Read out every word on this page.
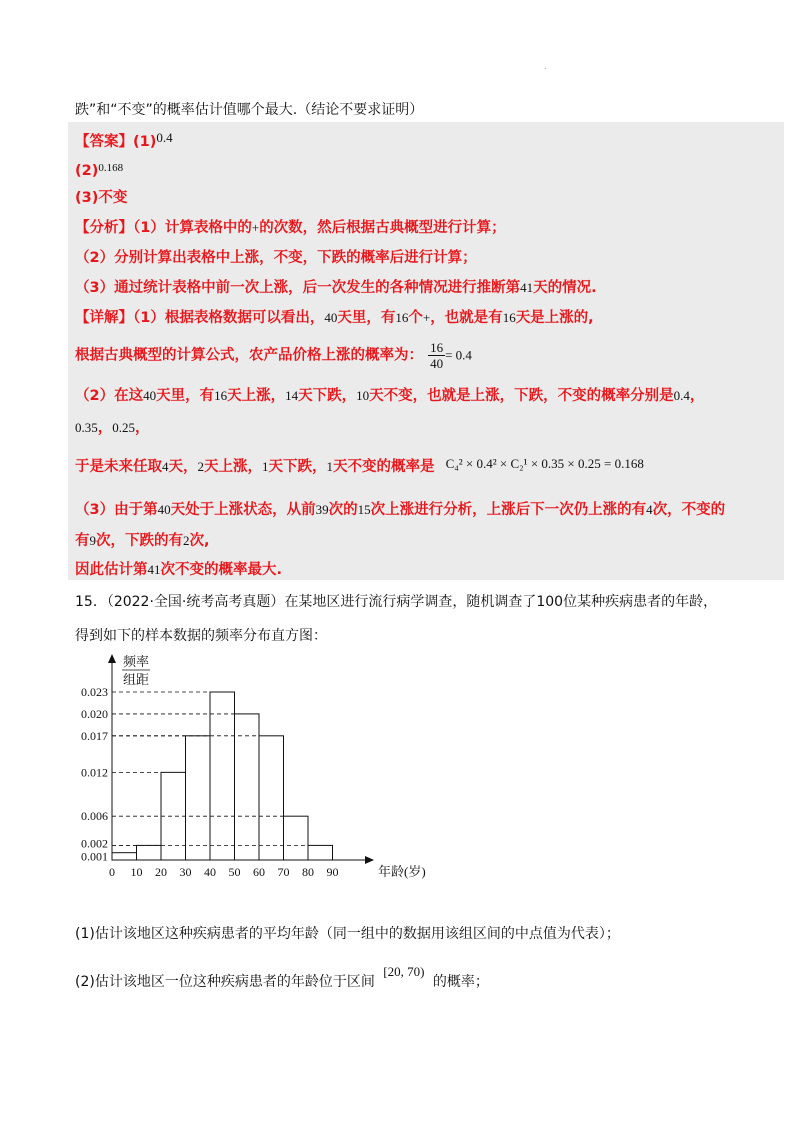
.
跌”和“不变”的概率估计值哪个最大.（结论不要求证明）
【答案】(1)0.4
$(2)^{0.168}$
(3)不变
【分析】（1）计算表格中的+的次数，然后根据古典概型进行计算；
（2）分别计算出表格中上涨，不变，下跌的概率后进行计算；
（3）通过统计表格中前一次上涨，后一次发生的各种情况进行推断第41天的情况.
【详解】（1）根据表格数据可以看出，40天里，有16个+，也就是有16天是上涨的,
根据古典概型的计算公式，农产品价格上涨的概率为： $\frac{16}{40} = 0.4$
（2）在这40天里，有16天上涨，14天下跌，10天不变，也就是上涨，下跌，不变的概率分别是0.4，
0.35，0.25，
于是未来任取4天，2天上涨，1天下跌，1天不变的概率是 C₄² × 0.4² × C₂¹ × 0.35 × 0.25 = 0.168
（3）由于第40天处于上涨状态，从前39次的15次上涨进行分析，上涨后下一次仍上涨的有4次，不变的
有9次，下跌的有2次,
因此估计第41次不变的概率最大.
15．（2022·全国·统考高考真题）在某地区进行流行病学调查，随机调查了100位某种疾病患者的年龄，
得到如下的样本数据的频率分布直方图：
0 10 20 30 40 50 60 70 80 90
0.001
0.002
0.006
0.012
0.017
0.020
0.023
频率
组距
年龄(岁)
(1)估计该地区这种疾病患者的平均年龄（同一组中的数据用该组区间的中点值为代表）；
(2)估计该地区一位这种疾病患者的年龄位于区间 [20, 70) 的概率；
